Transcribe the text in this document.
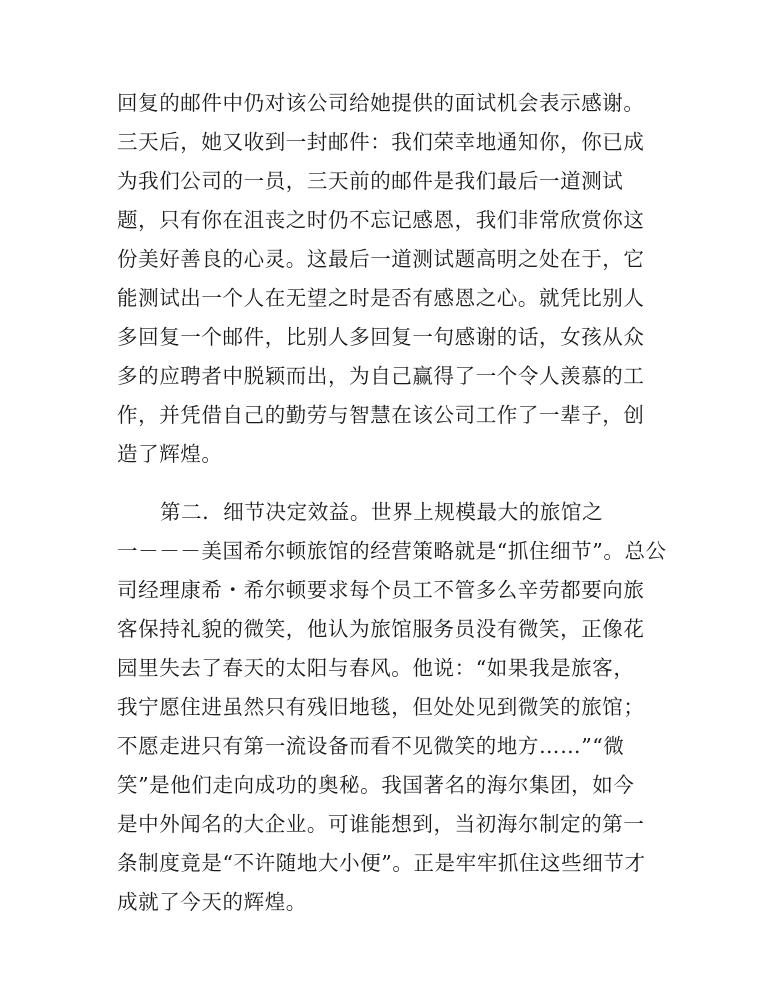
回复的邮件中仍对该公司给她提供的面试机会表示感谢。
三天后，她又收到一封邮件：我们荣幸地通知你，你已成
为我们公司的一员，三天前的邮件是我们最后一道测试
题，只有你在沮丧之时仍不忘记感恩，我们非常欣赏你这
份美好善良的心灵。这最后一道测试题高明之处在于，它
能测试出一个人在无望之时是否有感恩之心。就凭比别人
多回复一个邮件，比别人多回复一句感谢的话，女孩从众
多的应聘者中脱颖而出，为自己赢得了一个令人羡慕的工
作，并凭借自己的勤劳与智慧在该公司工作了一辈子，创
造了辉煌。
第二．细节决定效益。世界上规模最大的旅馆之
一－－－美国希尔顿旅馆的经营策略就是“抓住细节”。总公
司经理康希・希尔顿要求每个员工不管多么辛劳都要向旅
客保持礼貌的微笑，他认为旅馆服务员没有微笑，正像花
园里失去了春天的太阳与春风。他说：“如果我是旅客，
我宁愿住进虽然只有残旧地毯，但处处见到微笑的旅馆；
不愿走进只有第一流设备而看不见微笑的地方……”“微
笑”是他们走向成功的奥秘。我国著名的海尔集团，如今
是中外闻名的大企业。可谁能想到，当初海尔制定的第一
条制度竟是“不许随地大小便”。正是牢牢抓住这些细节才
成就了今天的辉煌。
